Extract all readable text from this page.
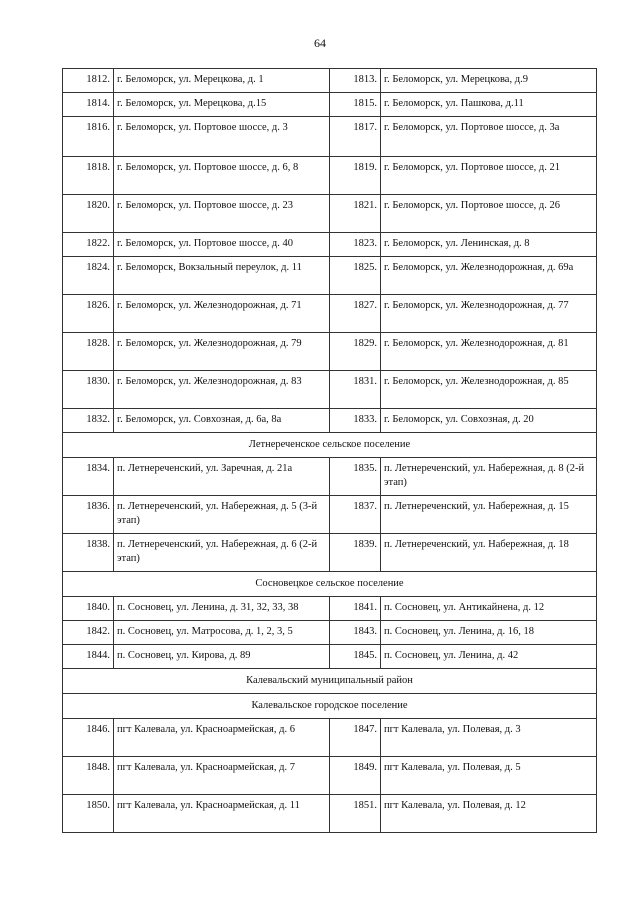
64
1812.	г. Беломорск, ул. Мерецкова, д. 1	1813.	г. Беломорск, ул. Мерецкова, д.9
1814.	г. Беломорск, ул. Мерецкова, д.15	1815.	г. Беломорск, ул. Пашкова, д.11
1816.	г. Беломорск, ул. Портовое шоссе, д. 3	1817.	г. Беломорск, ул. Портовое шоссе, д. 3а
1818.	г. Беломорск, ул. Портовое шоссе, д. 6, 8	1819.	г. Беломорск, ул. Портовое шоссе, д. 21
1820.	г. Беломорск, ул. Портовое шоссе, д. 23	1821.	г. Беломорск, ул. Портовое шоссе, д. 26
1822.	г. Беломорск, ул. Портовое шоссе, д. 40	1823.	г. Беломорск, ул. Ленинская, д. 8
1824.	г. Беломорск, Вокзальный переулок, д. 11	1825.	г. Беломорск, ул. Железнодорожная, д. 69а
1826.	г. Беломорск, ул. Железнодорожная, д. 71	1827.	г. Беломорск, ул. Железнодорожная, д. 77
1828.	г. Беломорск, ул. Железнодорожная, д. 79	1829.	г. Беломорск, ул. Железнодорожная, д. 81
1830.	г. Беломорск, ул. Железнодорожная, д. 83	1831.	г. Беломорск, ул. Железнодорожная, д. 85
1832.	г. Беломорск, ул. Совхозная, д. 6а, 8а	1833.	г. Беломорск, ул. Совхозная, д. 20
Летнереченское сельское поселение			
1834.	п. Летнереченский, ул. Заречная, д. 21а	1835.	п. Летнереченский, ул. Набережная, д. 8 (2-й этап)
1836.	п. Летнереченский, ул. Набережная, д. 5 (3-й этап)	1837.	п. Летнереченский, ул. Набережная, д. 15
1838.	п. Летнереченский, ул. Набережная, д. 6 (2-й этап)	1839.	п. Летнереченский, ул. Набережная, д. 18
Сосновецкое сельское поселение			
1840.	п. Сосновец, ул. Ленина, д. 31, 32, 33, 38	1841.	п. Сосновец, ул. Антикайнена, д. 12
1842.	п. Сосновец, ул. Матросова, д. 1, 2, 3, 5	1843.	п. Сосновец, ул. Ленина, д. 16, 18
1844.	п. Сосновец, ул. Кирова, д. 89	1845.	п. Сосновец, ул. Ленина, д. 42
Калевальский муниципальный район			
Калевальское городское поселение			
1846.	пгт Калевала, ул. Красноармейская, д. 6	1847.	пгт Калевала, ул. Полевая, д. 3
1848.	пгт Калевала, ул. Красноармейская, д. 7	1849.	пгт Калевала, ул. Полевая, д. 5
1850.	пгт Калевала, ул. Красноармейская, д. 11	1851.	пгт Калевала, ул. Полевая, д. 12
